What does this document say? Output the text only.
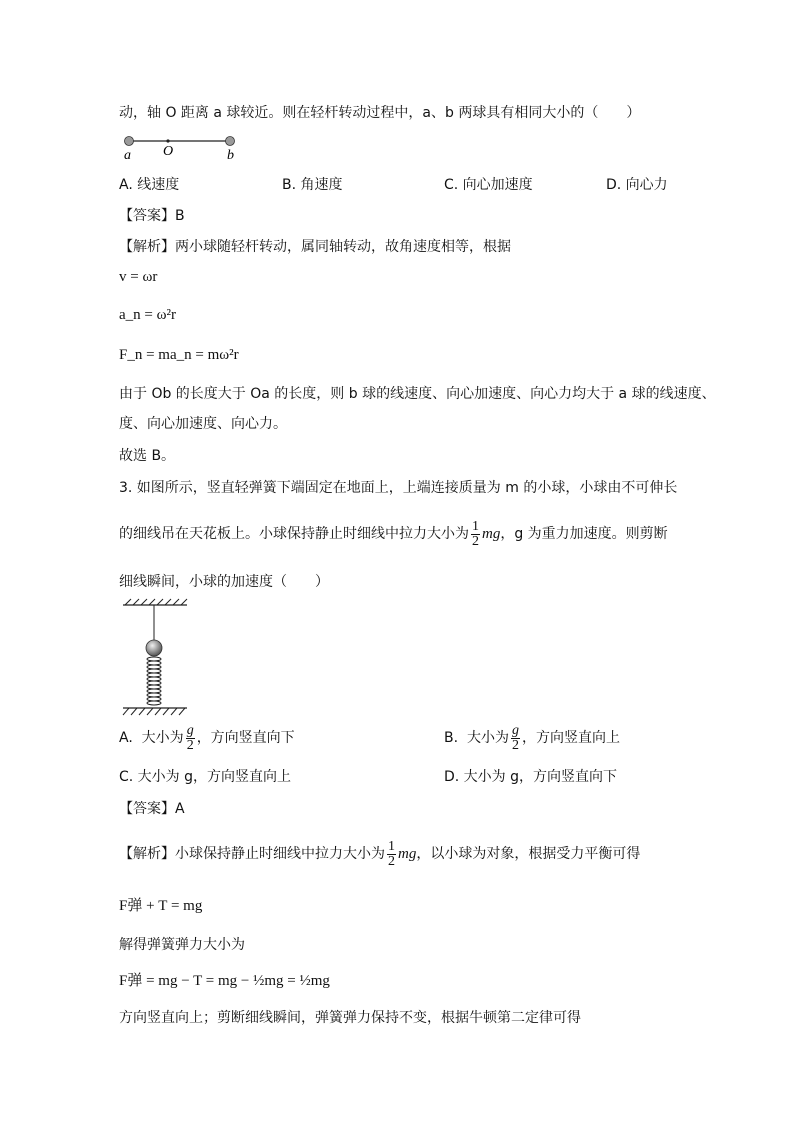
动，轴 O 距离 a 球较近。则在轻杆转动过程中，a、b 两球具有相同大小的（　　）
a O	b
A. 线速度	B. 角速度	C. 向心加速度	D. 向心力
【答案】B
【解析】两小球随轻杆转动，属同轴转动，故角速度相等，根据
v = ωr
a_n = ω²r
F_n = ma_n = mω²r
由于 Ob 的长度大于 Oa 的长度，则 b 球的线速度、向心加速度、向心力均大于 a 球的线速度、
度、向心加速度、向心力。
故选 B。
3. 如图所示，竖直轻弹簧下端固定在地面上，上端连接质量为 m 的小球，小球由不可伸长
的细线吊在天花板上。小球保持静止时细线中拉力大小为 $\frac{1}{2}$ mg，g 为重力加速度。则剪断
细线瞬间，小球的加速度（　　）
A.  大小为 $\frac{g}{2}$ ，方向竖直向下	B.  大小为 $\frac{g}{2}$ ，方向竖直向上
C. 大小为 g，方向竖直向上	D. 大小为 g，方向竖直向下
【答案】A
【解析】小球保持静止时细线中拉力大小为 $\frac{1}{2}$ mg，以小球为对象，根据受力平衡可得
F弹 + T = mg
解得弹簧弹力大小为
F弹 = mg − T = mg − ½mg = ½mg
方向竖直向上；剪断细线瞬间，弹簧弹力保持不变，根据牛顿第二定律可得
